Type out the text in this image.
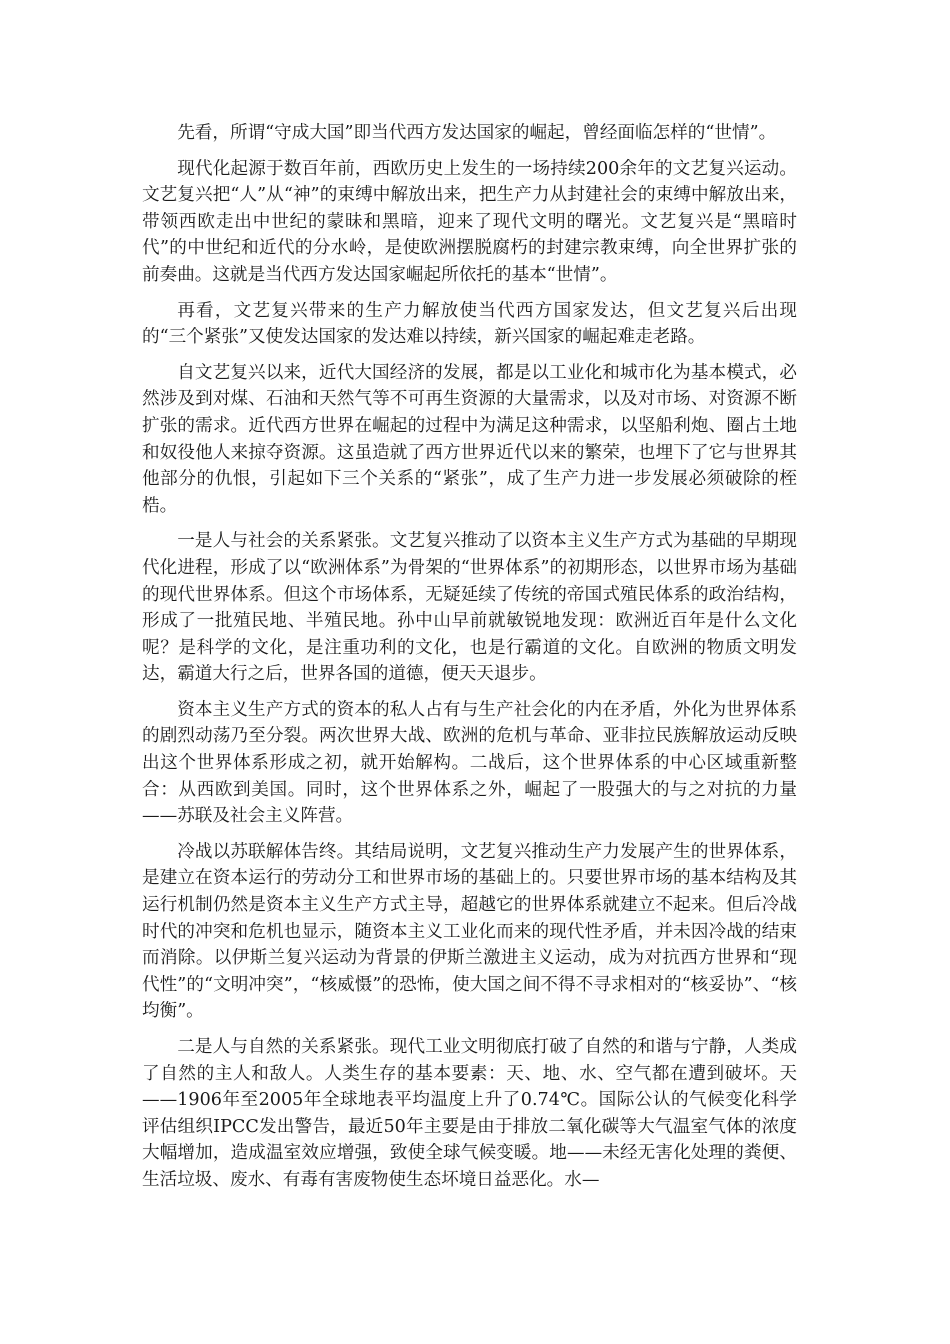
先看，所谓“守成大国”即当代西方发达国家的崛起，曾经面临怎样的“世情”。

现代化起源于数百年前，西欧历史上发生的一场持续200余年的文艺复兴运动。文艺复兴把“人”从“神”的束缚中解放出来，把生产力从封建社会的束缚中解放出来，带领西欧走出中世纪的蒙昧和黑暗，迎来了现代文明的曙光。文艺复兴是“黑暗时代”的中世纪和近代的分水岭，是使欧洲摆脱腐朽的封建宗教束缚，向全世界扩张的前奏曲。这就是当代西方发达国家崛起所依托的基本“世情”。

再看，文艺复兴带来的生产力解放使当代西方国家发达，但文艺复兴后出现的“三个紧张”又使发达国家的发达难以持续，新兴国家的崛起难走老路。

自文艺复兴以来，近代大国经济的发展，都是以工业化和城市化为基本模式，必然涉及到对煤、石油和天然气等不可再生资源的大量需求，以及对市场、对资源不断扩张的需求。近代西方世界在崛起的过程中为满足这种需求，以坚船利炮、圈占土地和奴役他人来掠夺资源。这虽造就了西方世界近代以来的繁荣，也埋下了它与世界其他部分的仇恨，引起如下三个关系的“紧张”，成了生产力进一步发展必须破除的桎梏。

一是人与社会的关系紧张。文艺复兴推动了以资本主义生产方式为基础的早期现代化进程，形成了以“欧洲体系”为骨架的“世界体系”的初期形态，以世界市场为基础的现代世界体系。但这个市场体系，无疑延续了传统的帝国式殖民体系的政治结构，形成了一批殖民地、半殖民地。孙中山早前就敏锐地发现：欧洲近百年是什么文化呢？是科学的文化，是注重功利的文化，也是行霸道的文化。自欧洲的物质文明发达，霸道大行之后，世界各国的道德，便天天退步。

资本主义生产方式的资本的私人占有与生产社会化的内在矛盾，外化为世界体系的剧烈动荡乃至分裂。两次世界大战、欧洲的危机与革命、亚非拉民族解放运动反映出这个世界体系形成之初，就开始解构。二战后，这个世界体系的中心区域重新整合：从西欧到美国。同时，这个世界体系之外，崛起了一股强大的与之对抗的力量——苏联及社会主义阵营。

冷战以苏联解体告终。其结局说明，文艺复兴推动生产力发展产生的世界体系，是建立在资本运行的劳动分工和世界市场的基础上的。只要世界市场的基本结构及其运行机制仍然是资本主义生产方式主导，超越它的世界体系就建立不起来。但后冷战时代的冲突和危机也显示，随资本主义工业化而来的现代性矛盾，并未因冷战的结束而消除。以伊斯兰复兴运动为背景的伊斯兰激进主义运动，成为对抗西方世界和“现代性”的“文明冲突”，“核威慑”的恐怖，使大国之间不得不寻求相对的“核妥协”、“核均衡”。

二是人与自然的关系紧张。现代工业文明彻底打破了自然的和谐与宁静，人类成了自然的主人和敌人。人类生存的基本要素：天、地、水、空气都在遭到破坏。天——1906年至2005年全球地表平均温度上升了0.74℃。国际公认的气候变化科学评估组织IPCC发出警告，最近50年主要是由于排放二氧化碳等大气温室气体的浓度大幅增加，造成温室效应增强，致使全球气候变暖。地——未经无害化处理的粪便、生活垃圾、废水、有毒有害废物使生态坏境日益恶化。水—
